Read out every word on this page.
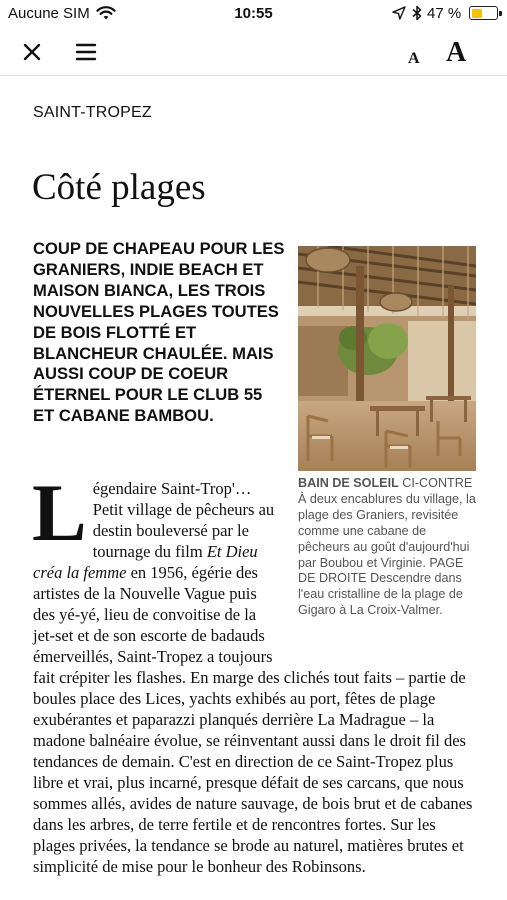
Aucune SIM	10:55	47 %
A A
SAINT-TROPEZ
Côté plages
COUP DE CHAPEAU POUR LES GRANIERS, INDIE BEACH ET MAISON BIANCA, LES TROIS NOUVELLES PLAGES TOUTES DE BOIS FLOTTÉ ET BLANCHEUR CHAULÉE. MAIS AUSSI COUP DE COEUR ÉTERNEL POUR LE CLUB 55 ET CABANE BAMBOU.
BAIN DE SOLEIL CI-CONTRE À deux encablures du village, la plage des Graniers, revisitée comme une cabane de pêcheurs au goût d'aujourd'hui par Boubou et Virginie. PAGE DE DROITE Descendre dans l'eau cristalline de la plage de Gigaro à La Croix-Valmer.

Légendaire Saint-Trop'… Petit village de pêcheurs au destin bouleversé par le tournage du film Et Dieu créa la femme en 1956, égérie des artistes de la Nouvelle Vague puis des yé-yé, lieu de convoitise de la jet-set et de son escorte de badauds émerveillés, Saint-Tropez a toujours fait crépiter les flashes. En marge des clichés tout faits – partie de boules place des Lices, yachts exhibés au port, fêtes de plage exubérantes et paparazzi planqués derrière La Madrague – la madone balnéaire évolue, se réinventant aussi dans le droit fil des tendances de demain. C'est en direction de ce Saint-Tropez plus libre et vrai, plus incarné, presque défait de ses carcans, que nous sommes allés, avides de nature sauvage, de bois brut et de cabanes dans les arbres, de terre fertile et de rencontres fortes. Sur les plages privées, la tendance se brode au naturel, matières brutes et simplicité de mise pour le bonheur des Robinsons.
